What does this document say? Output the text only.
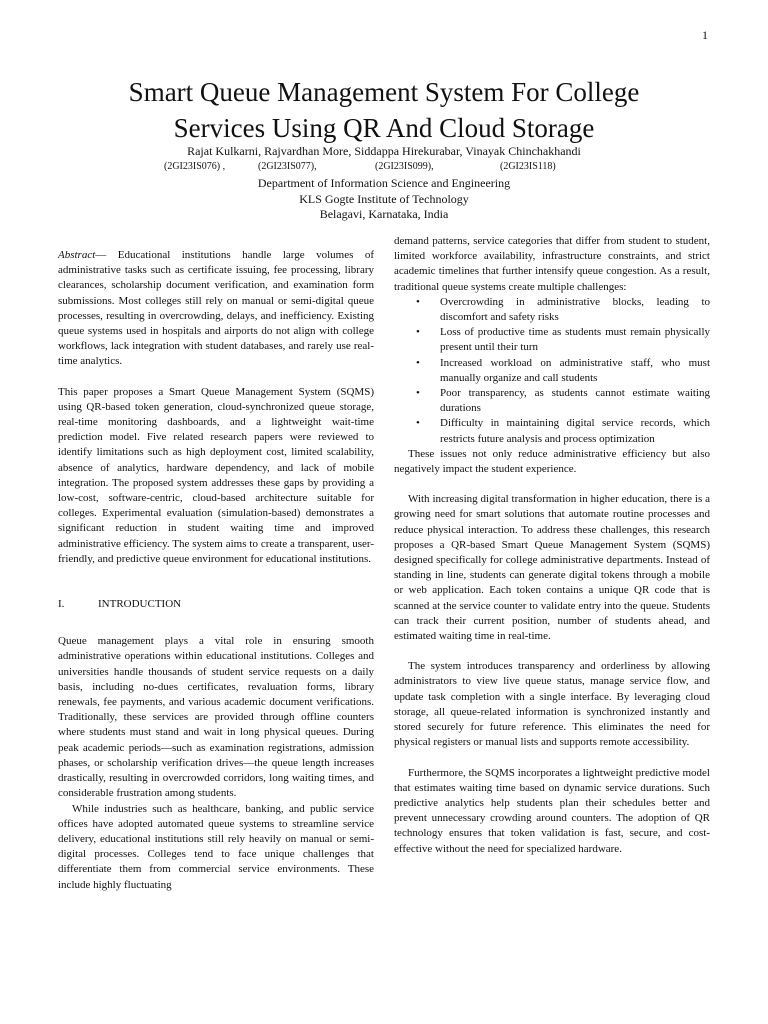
1
Smart Queue Management System For College
Services Using QR And Cloud Storage
Rajat Kulkarni, Rajvardhan More, Siddappa Hirekurabar, Vinayak Chinchakhandi
(2GI23IS076) ,	(2GI23IS077),	(2GI23IS099),	(2GI23IS118)
Department of Information Science and Engineering
KLS Gogte Institute of Technology
Belagavi, Karnataka, India

Abstract— Educational institutions handle large volumes of administrative tasks such as certificate issuing, fee processing, library clearances, scholarship document verification, and examination form submissions. Most colleges still rely on manual or semi-digital queue processes, resulting in overcrowding, delays, and inefficiency. Existing queue systems used in hospitals and airports do not align with college workflows, lack integration with student databases, and rarely use real-time analytics.

This paper proposes a Smart Queue Management System (SQMS) using QR-based token generation, cloud-synchronized queue storage, real-time monitoring dashboards, and a lightweight wait-time prediction model. Five related research papers were reviewed to identify limitations such as high deployment cost, limited scalability, absence of analytics, hardware dependency, and lack of mobile integration. The proposed system addresses these gaps by providing a low-cost, software-centric, cloud-based architecture suitable for colleges. Experimental evaluation (simulation-based) demonstrates a significant reduction in student waiting time and improved administrative efficiency. The system aims to create a transparent, user-friendly, and predictive queue environment for educational institutions.

I.	INTRODUCTION

Queue management plays a vital role in ensuring smooth administrative operations within educational institutions. Colleges and universities handle thousands of student service requests on a daily basis, including no-dues certificates, revaluation forms, library renewals, fee payments, and various academic document verifications. Traditionally, these services are provided through offline counters where students must stand and wait in long physical queues. During peak academic periods—such as examination registrations, admission phases, or scholarship verification drives—the queue length increases drastically, resulting in overcrowded corridors, long waiting times, and considerable frustration among students.

While industries such as healthcare, banking, and public service offices have adopted automated queue systems to streamline service delivery, educational institutions still rely heavily on manual or semi-digital processes. Colleges tend to face unique challenges that differentiate them from commercial service environments. These include highly fluctuating

demand patterns, service categories that differ from student to student, limited workforce availability, infrastructure constraints, and strict academic timelines that further intensify queue congestion. As a result, traditional queue systems create multiple challenges:

• Overcrowding in administrative blocks, leading to discomfort and safety risks
• Loss of productive time as students must remain physically present until their turn
• Increased workload on administrative staff, who must manually organize and call students
• Poor transparency, as students cannot estimate waiting durations
• Difficulty in maintaining digital service records, which restricts future analysis and process optimization

These issues not only reduce administrative efficiency but also negatively impact the student experience.

With increasing digital transformation in higher education, there is a growing need for smart solutions that automate routine processes and reduce physical interaction. To address these challenges, this research proposes a QR-based Smart Queue Management System (SQMS) designed specifically for college administrative departments. Instead of standing in line, students can generate digital tokens through a mobile or web application. Each token contains a unique QR code that is scanned at the service counter to validate entry into the queue. Students can track their current position, number of students ahead, and estimated waiting time in real-time.

The system introduces transparency and orderliness by allowing administrators to view live queue status, manage service flow, and update task completion with a single interface. By leveraging cloud storage, all queue-related information is synchronized instantly and stored securely for future reference. This eliminates the need for physical registers or manual lists and supports remote accessibility.

Furthermore, the SQMS incorporates a lightweight predictive model that estimates waiting time based on dynamic service durations. Such predictive analytics help students plan their schedules better and prevent unnecessary crowding around counters. The adoption of QR technology ensures that token validation is fast, secure, and cost-effective without the need for specialized hardware.
